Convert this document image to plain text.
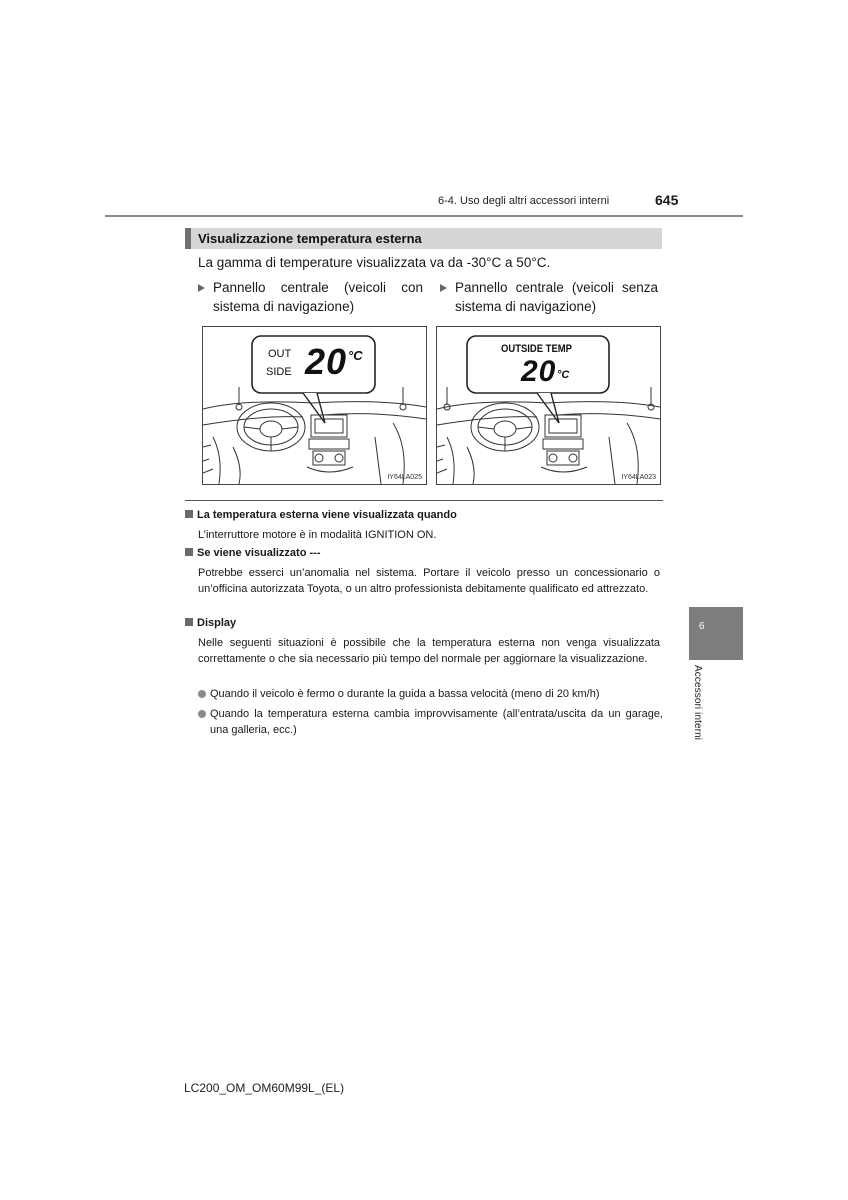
6-4. Uso degli altri accessori interni	645
6
Accessori interni
Visualizzazione temperatura esterna
La gamma di temperature visualizzata va da -30°C a 50°C.
Pannello centrale (veicoli con
sistema di navigazione)
Pannello centrale (veicoli senza
sistema di navigazione)
OUT
SIDE 20 °C
IY64LA025
OUTSIDE TEMP
20 °C
IY64LA023
La temperatura esterna viene visualizzata quando
L’interruttore motore è in modalità IGNITION ON.
Se viene visualizzato ---
Potrebbe esserci un’anomalia nel sistema. Portare il veicolo presso un concessionario o un’officina autorizzata Toyota, o un altro professionista debitamente qualificato ed attrezzato.
Display
Nelle seguenti situazioni è possibile che la temperatura esterna non venga visualizzata correttamente o che sia necessario più tempo del normale per aggiornare la visualizzazione.
Quando il veicolo è fermo o durante la guida a bassa velocità (meno di 20 km/h)
Quando la temperatura esterna cambia improvvisamente (all’entrata/uscita da un garage, una galleria, ecc.)
LC200_OM_OM60M99L_(EL)
